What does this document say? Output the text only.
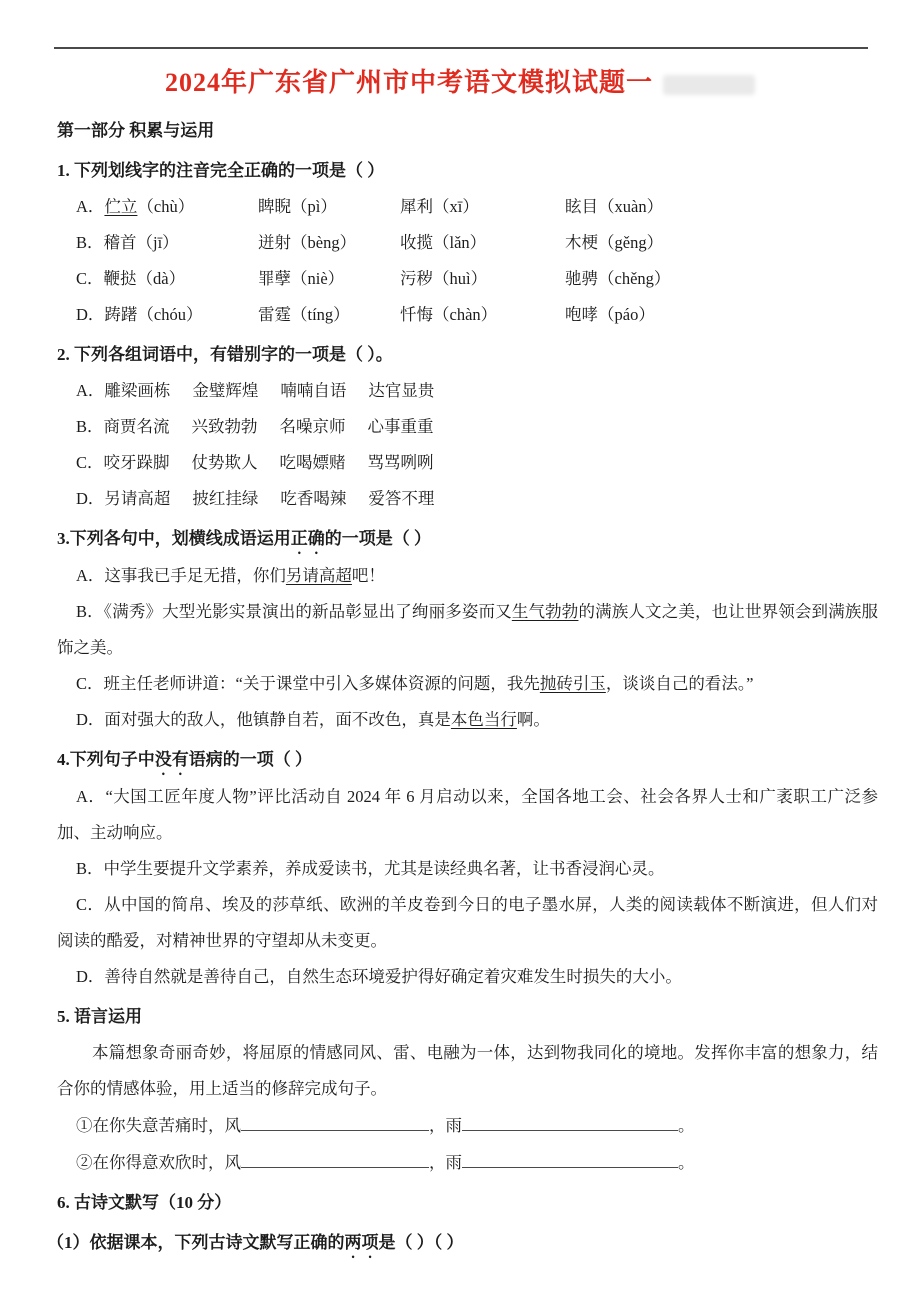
2024年广东省广州市中考语文模拟试题一
第一部分 积累与运用
1. 下列划线字的注音完全正确的一项是（ ）
A．伫立（chù）	睥睨（pì）	犀利（xī）	眩目（xuàn）
B．稽首（jī）	迸射（bèng）	收揽（lǎn）	木梗（gěng）
C．鞭挞（dà）	罪孽（niè）	污秽（huì）	驰骋（chěng）
D．踌躇（chóu）	雷霆（tíng）	忏悔（chàn）	咆哮（páo）
2. 下列各组词语中，有错别字的一项是（ ）。
A．雕梁画栋 金璧辉煌 喃喃自语 达官显贵
B．商贾名流 兴致勃勃 名噪京师 心事重重
C．咬牙跺脚 仗势欺人 吃喝嫖赌 骂骂咧咧
D．另请高超 披红挂绿 吃香喝辣 爱答不理
3.下列各句中，划横线成语运用正确的一项是（ ）
A．这事我已手足无措，你们另请高超吧！
B．《满秀》大型光影实景演出的新品彰显出了绚丽多姿而又生气勃勃的满族人文之美，也让世界领会到满族服饰之美。
C．班主任老师讲道：“关于课堂中引入多媒体资源的问题，我先抛砖引玉，谈谈自己的看法。”
D．面对强大的敌人，他镇静自若，面不改色，真是本色当行啊。
4.下列句子中没有语病的一项（ ）
A．“大国工匠年度人物”评比活动自 2024 年 6 月启动以来，全国各地工会、社会各界人士和广袤职工广泛参加、主动响应。
B．中学生要提升文学素养，养成爱读书，尤其是读经典名著，让书香浸润心灵。
C．从中国的简帛、埃及的莎草纸、欧洲的羊皮卷到今日的电子墨水屏，人类的阅读载体不断演进，但人们对阅读的酷爱，对精神世界的守望却从未变更。
D．善待自然就是善待自己，自然生态环境爱护得好确定着灾难发生时损失的大小。
5. 语言运用
本篇想象奇丽奇妙，将屈原的情感同风、雷、电融为一体，达到物我同化的境地。发挥你丰富的想象力，结合你的情感体验，用上适当的修辞完成句子。
①在你失意苦痛时，风	，雨	。
②在你得意欢欣时，风	，雨	。
6. 古诗文默写（10 分）
（1）依据课本，下列古诗文默写正确的两项是（ ）（ ）
